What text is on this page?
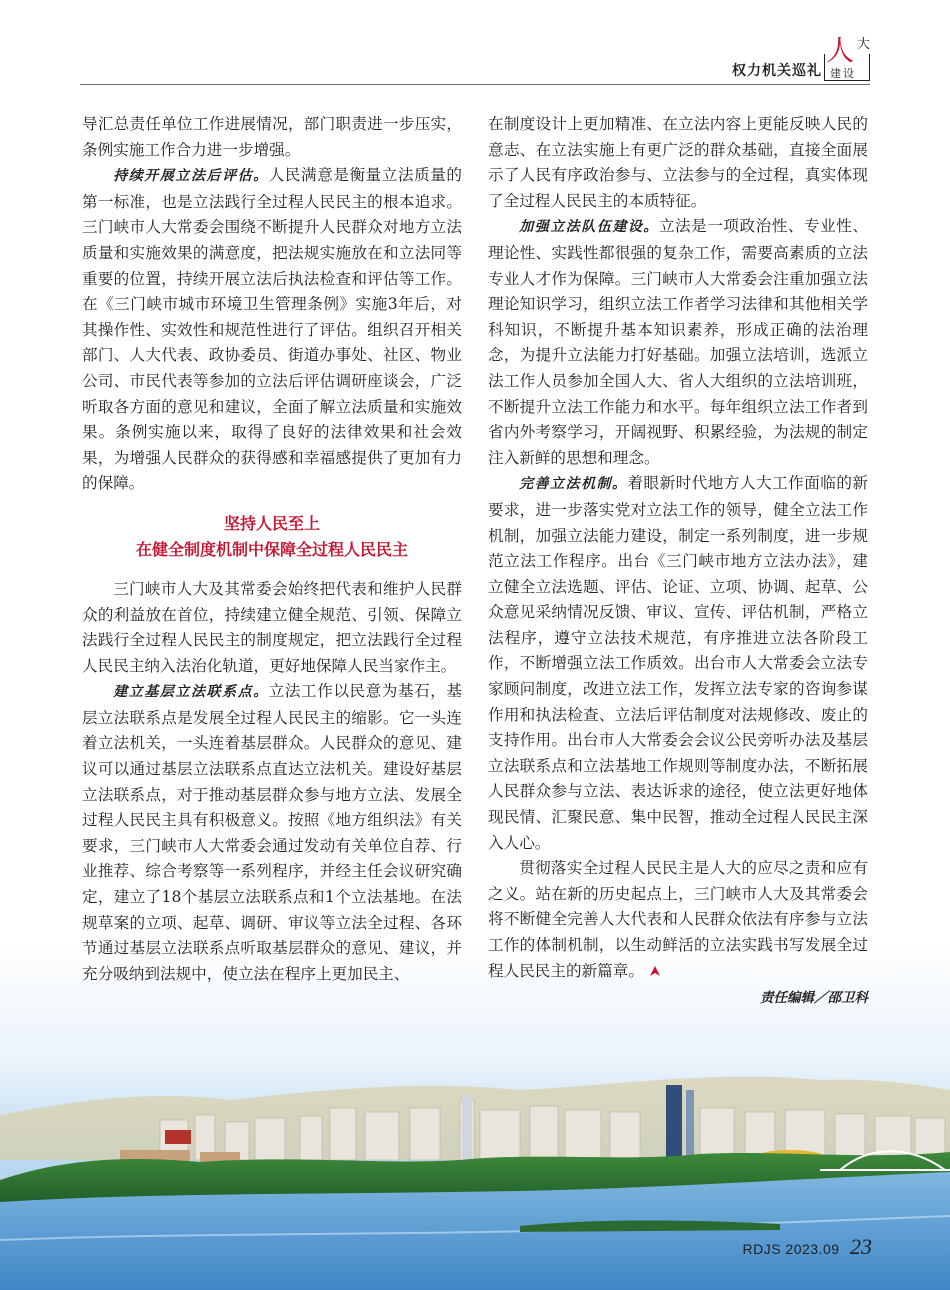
权力机关巡礼
人 大
建设

导汇总责任单位工作进展情况，部门职责进一步压实，条例实施工作合力进一步增强。

持续开展立法后评估。人民满意是衡量立法质量的第一标准，也是立法践行全过程人民民主的根本追求。三门峡市人大常委会围绕不断提升人民群众对地方立法质量和实施效果的满意度，把法规实施放在和立法同等重要的位置，持续开展立法后执法检查和评估等工作。在《三门峡市城市环境卫生管理条例》实施3年后，对其操作性、实效性和规范性进行了评估。组织召开相关部门、人大代表、政协委员、街道办事处、社区、物业公司、市民代表等参加的立法后评估调研座谈会，广泛听取各方面的意见和建议，全面了解立法质量和实施效果。条例实施以来，取得了良好的法律效果和社会效果，为增强人民群众的获得感和幸福感提供了更加有力的保障。

坚持人民至上
在健全制度机制中保障全过程人民民主

三门峡市人大及其常委会始终把代表和维护人民群众的利益放在首位，持续建立健全规范、引领、保障立法践行全过程人民民主的制度规定，把立法践行全过程人民民主纳入法治化轨道，更好地保障人民当家作主。

建立基层立法联系点。立法工作以民意为基石，基层立法联系点是发展全过程人民民主的缩影。它一头连着立法机关，一头连着基层群众。人民群众的意见、建议可以通过基层立法联系点直达立法机关。建设好基层立法联系点，对于推动基层群众参与地方立法、发展全过程人民民主具有积极意义。按照《地方组织法》有关要求，三门峡市人大常委会通过发动有关单位自荐、行业推荐、综合考察等一系列程序，并经主任会议研究确定，建立了18个基层立法联系点和1个立法基地。在法规草案的立项、起草、调研、审议等立法全过程、各环节通过基层立法联系点听取基层群众的意见、建议，并充分吸纳到法规中，使立法在程序上更加民主、

在制度设计上更加精准、在立法内容上更能反映人民的意志、在立法实施上有更广泛的群众基础，直接全面展示了人民有序政治参与、立法参与的全过程，真实体现了全过程人民民主的本质特征。

加强立法队伍建设。立法是一项政治性、专业性、理论性、实践性都很强的复杂工作，需要高素质的立法专业人才作为保障。三门峡市人大常委会注重加强立法理论知识学习，组织立法工作者学习法律和其他相关学科知识，不断提升基本知识素养，形成正确的法治理念，为提升立法能力打好基础。加强立法培训，选派立法工作人员参加全国人大、省人大组织的立法培训班，不断提升立法工作能力和水平。每年组织立法工作者到省内外考察学习，开阔视野、积累经验，为法规的制定注入新鲜的思想和理念。

完善立法机制。着眼新时代地方人大工作面临的新要求，进一步落实党对立法工作的领导，健全立法工作机制，加强立法能力建设，制定一系列制度，进一步规范立法工作程序。出台《三门峡市地方立法办法》，建立健全立法选题、评估、论证、立项、协调、起草、公众意见采纳情况反馈、审议、宣传、评估机制，严格立法程序，遵守立法技术规范，有序推进立法各阶段工作，不断增强立法工作质效。出台市人大常委会立法专家顾问制度，改进立法工作，发挥立法专家的咨询参谋作用和执法检查、立法后评估制度对法规修改、废止的支持作用。出台市人大常委会会议公民旁听办法及基层立法联系点和立法基地工作规则等制度办法，不断拓展人民群众参与立法、表达诉求的途径，使立法更好地体现民情、汇聚民意、集中民智，推动全过程人民民主深入人心。

贯彻落实全过程人民民主是人大的应尽之责和应有之义。站在新的历史起点上，三门峡市人大及其常委会将不断健全完善人大代表和人民群众依法有序参与立法工作的体制机制，以生动鲜活的立法实践书写发展全过程人民民主的新篇章。

责任编辑／邵卫科
RDJS 2023.09 23
